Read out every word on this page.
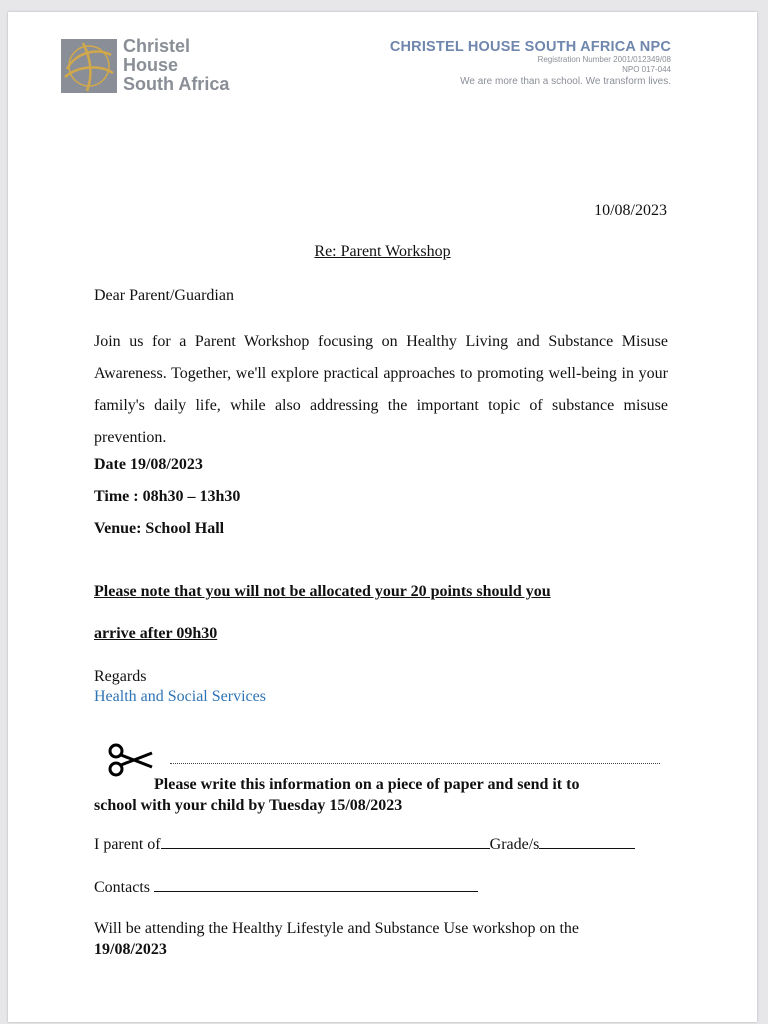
Christel
House
South Africa
CHRISTEL HOUSE SOUTH AFRICA NPC
Registration Number 2001/012349/08
NPO 017-044
We are more than a school. We transform lives.
10/08/2023
Re: Parent Workshop
Dear Parent/Guardian
Join us for a Parent Workshop focusing on Healthy Living and Substance Misuse Awareness. Together, we'll explore practical approaches to promoting well-being in your family's daily life, while also addressing the important topic of substance misuse prevention.
Date 19/08/2023
Time : 08h30 – 13h30
Venue: School Hall
Please note that you will not be allocated your 20 points should you
arrive after 09h30
Regards
Health and Social Services
Please write this information on a piece of paper and send it to
school with your child by Tuesday 15/08/2023
I parent of	Grade/s
Contacts
Will be attending the Healthy Lifestyle and Substance Use workshop on the
19/08/2023
